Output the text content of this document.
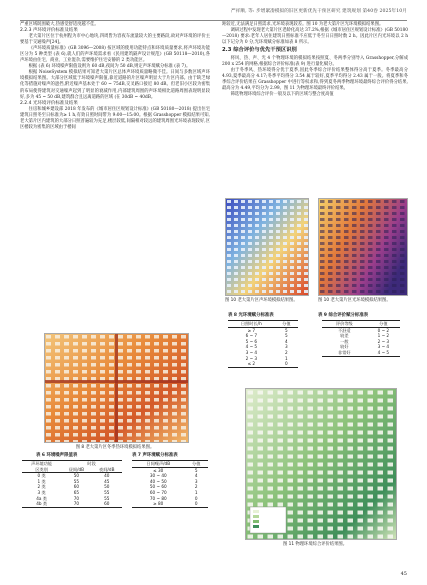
严祥顺, 等: 步增紧凑模拟的旧区更新优先干预区研究 建筑规划 第40卷 2025年10月

严重区域既围破大,热感觉舒适度越不佳。

2.2.3 声环境评价标准及结果

老大第片区位于杭州程为市中心地块,四周皆为容夜车流量较大的主要路段,故对声环境的评价主要基于交通噪声[24]。

《声环境质量标准》(GB 3096—2008) 按区域的使用功能特点和环境质量要求,将声环境功能区分为 5 种类型 (表 6),就人们的声环境需求看《民用建筑隔声设计规范》(GB 50118—2010),各声环境由住宅、商业、工业混杂,需要维护住宅安静的 2 类功能区。

根据 (表 6) 环境噪声限值设则为 60 dB,夜间为 50 dB,则定声环境赋分标准 (表 7)。

根据 NoiseSystem 模拟结果可知老大第片区总体声环境质量略微不佳。日间与多数区域声环境模拟结果图。大部分区域低于环境噪声限值,靠近道路的片区噪声明显大于片区内部。由于缺乏绿化等措施对噪声的遮挡,附近噪声基本处于 60 ~ 75dB,交叉路口接近 80 dB。但老旧小区较为密集的布局使得建筑对交通噪声起到了明显的衰减作用,内部建筑周围的声环境相比道路周围表现明显较好,多为 45 ~ 50 dB,建筑群合且远离道路的区域 (在 30dB ~ 40dB。

2.2.4 光环境评价标准及结果

住房和城乡建设部 2018 年发布的《城市居住区规划设计标准》(GB 50180—2018) 提出住宅建筑日照冬至日标准为≥ 1 h,有效日照时间带为 9:00—15:00。根据 Grasshopper 模拟结果可知,老大第片区内建筑的大部分日照普遍较为充足,楼层较低,间隔相对较远的建筑周围光环境表现较好,区区楼较为密集的区域由于楼间

图 8 老大第片区冬季热环境模拟结果图。
表 6 环境噪声限值表
声环境功能	时段	
区类别	昼间/dB	夜间/dB
0 类	50	40
1 类	55	45
2 类	60	50
3 类	65	55
4a 类	70	55
4b 类	70	60
表 7 声环境赋分标准表
日间噪声/dB	分值
≤ 30	5
30 ~ 40	4
40 ~ 50	3
50 ~ 60	2
60 ~ 70	1
70 ~ 80	0
≥ 80	0

距较近,无法满足日照需求,光环境表现较差。图 10 为老大第片区光环境模拟结果图。

调研过程中发现老大第片区老龄化高达 37.2%,根据《城市居住区规划设计标准》(GB 50180—2018) 要求:老年人居住建筑日照标准不应低于冬至日日照时数 2 h。因此片区内光环境以 2 h 以下记分为 0 分,光环境赋分标准如表 8 所示。

2.3 综合评价与优先干预区识别

将风、热、声、光 4 个物理环境的模拟结果按照夏、冬两季分别导入 Grasshopper,分解成 200 x 254 的网格,根据综合评价标准(表 9) 进行量化赋分。

由于冬季风、热环境得分优于夏季,因此冬季综合评价结果整体得分高于夏季。冬季最高分 4.93,夏季最高分 4.17;冬季平均得分 3.54 属于较好,夏季平均得分 2.43 属于一般。将夏季和冬季综合评价结果在 Grasshopper 中进行等权求和,得到夏冬两季物理环境最终综合评价得分结果,最高分为 4.49,平均分为 2.99。图 11 为物理环境最终评价结果。

筛选物理环境综合评价一般及以下的区域与整合度高值

图 10 老大第片区声环境模拟结果图。	图 10 老大第片区光环境模拟结果图。
表 8 光环境赋分标准表
日照时长/h	分值
≥ 7	5
6 ~ 7	5
5 ~ 6	4
4 ~ 5	3
3 ~ 4	2
2 ~ 3	1
≤ 2	0
表 9 综合评价赋分标准表
评价等级	分值
不舒适	0 ~ 2
较差	1 ~ 2
一般	2 ~ 3
较好	3 ~ 4
非常好	4 ~ 5
图 11 物理环境综合评价结果图。
45
